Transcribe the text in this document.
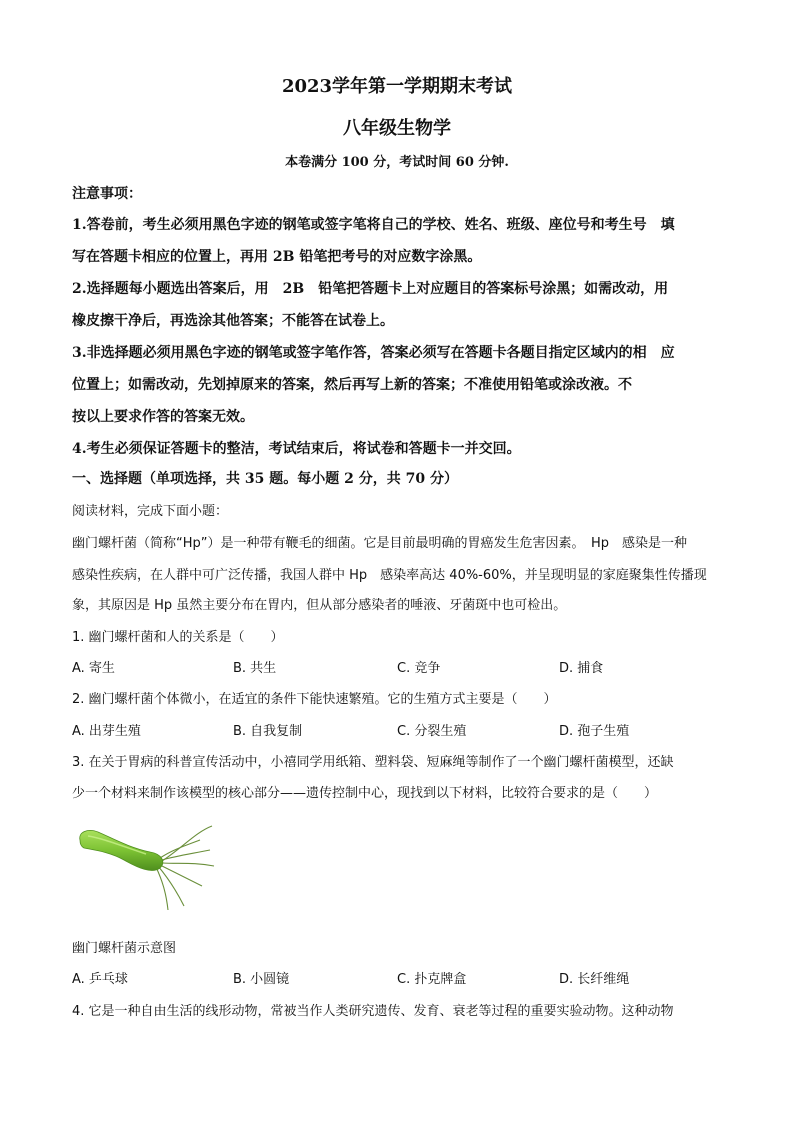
2023学年第一学期期末考试
八年级生物学
本卷满分 100 分，考试时间 60 分钟.
注意事项：
1.答卷前，考生必须用黑色字迹的钢笔或签字笔将自己的学校、姓名、班级、座位号和考生号　填
写在答题卡相应的位置上，再用 2B 铅笔把考号的对应数字涂黑。
2.选择题每小题选出答案后，用　2B　铅笔把答题卡上对应题目的答案标号涂黑；如需改动，用
橡皮擦干净后，再选涂其他答案；不能答在试卷上。
3.非选择题必须用黑色字迹的钢笔或签字笔作答，答案必须写在答题卡各题目指定区域内的相　应
位置上；如需改动，先划掉原来的答案，然后再写上新的答案；不准使用铅笔或涂改液。不
按以上要求作答的答案无效。
4.考生必须保证答题卡的整洁，考试结束后，将试卷和答题卡一并交回。
一、选择题（单项选择，共 35 题。每小题 2 分，共 70 分）
阅读材料，完成下面小题：
幽门螺杆菌（简称“Hp”）是一种带有鞭毛的细菌。它是目前最明确的胃癌发生危害因素。　Hp　感染是一种
感染性疾病，在人群中可广泛传播，我国人群中 Hp　感染率高达 40%-60%，并呈现明显的家庭聚集性传播现
象，其原因是 Hp 虽然主要分布在胃内，但从部分感染者的唾液、牙菌斑中也可检出。
1. 幽门螺杆菌和人的关系是（　　）
A. 寄生	B. 共生	C. 竞争	D. 捕食
2. 幽门螺杆菌个体微小，在适宜的条件下能快速繁殖。它的生殖方式主要是（　　）
A. 出芽生殖	B. 自我复制	C. 分裂生殖	D. 孢子生殖
3. 在关于胃病的科普宣传活动中，小禧同学用纸箱、塑料袋、短麻绳等制作了一个幽门螺杆菌模型，还缺
少一个材料来制作该模型的核心部分——遗传控制中心，现找到以下材料，比较符合要求的是（　　）
幽门螺杆菌示意图
A. 乒乓球	B. 小圆镜	C. 扑克牌盒	D. 长纤维绳
4. 它是一种自由生活的线形动物，常被当作人类研究遗传、发育、衰老等过程的重要实验动物。这种动物
